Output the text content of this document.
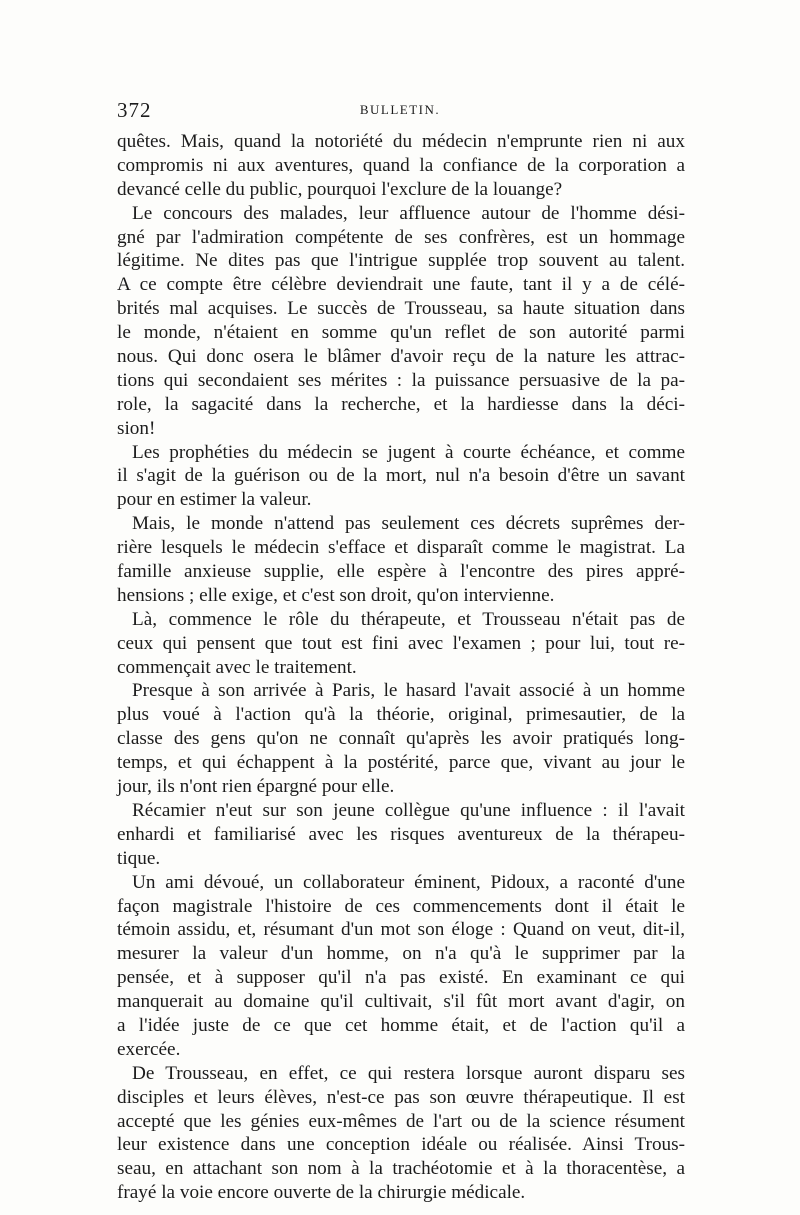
372	BULLETIN.
quêtes. Mais, quand la notoriété du médecin n'emprunte rien ni aux
compromis ni aux aventures, quand la confiance de la corporation a
devancé celle du public, pourquoi l'exclure de la louange?
Le concours des malades, leur affluence autour de l'homme dési-
gné par l'admiration compétente de ses confrères, est un hommage
légitime. Ne dites pas que l'intrigue supplée trop souvent au talent.
A ce compte être célèbre deviendrait une faute, tant il y a de célé-
brités mal acquises. Le succès de Trousseau, sa haute situation dans
le monde, n'étaient en somme qu'un reflet de son autorité parmi
nous. Qui donc osera le blâmer d'avoir reçu de la nature les attrac-
tions qui secondaient ses mérites : la puissance persuasive de la pa-
role, la sagacité dans la recherche, et la hardiesse dans la déci-
sion!
Les prophéties du médecin se jugent à courte échéance, et comme
il s'agit de la guérison ou de la mort, nul n'a besoin d'être un savant
pour en estimer la valeur.
Mais, le monde n'attend pas seulement ces décrets suprêmes der-
rière lesquels le médecin s'efface et disparaît comme le magistrat. La
famille anxieuse supplie, elle espère à l'encontre des pires appré-
hensions ; elle exige, et c'est son droit, qu'on intervienne.
Là, commence le rôle du thérapeute, et Trousseau n'était pas de
ceux qui pensent que tout est fini avec l'examen ; pour lui, tout re-
commençait avec le traitement.
Presque à son arrivée à Paris, le hasard l'avait associé à un homme
plus voué à l'action qu'à la théorie, original, primesautier, de la
classe des gens qu'on ne connaît qu'après les avoir pratiqués long-
temps, et qui échappent à la postérité, parce que, vivant au jour le
jour, ils n'ont rien épargné pour elle.
Récamier n'eut sur son jeune collègue qu'une influence : il l'avait
enhardi et familiarisé avec les risques aventureux de la thérapeu-
tique.
Un ami dévoué, un collaborateur éminent, Pidoux, a raconté d'une
façon magistrale l'histoire de ces commencements dont il était le
témoin assidu, et, résumant d'un mot son éloge : Quand on veut, dit-il,
mesurer la valeur d'un homme, on n'a qu'à le supprimer par la
pensée, et à supposer qu'il n'a pas existé. En examinant ce qui
manquerait au domaine qu'il cultivait, s'il fût mort avant d'agir, on
a l'idée juste de ce que cet homme était, et de l'action qu'il a
exercée.
De Trousseau, en effet, ce qui restera lorsque auront disparu ses
disciples et leurs élèves, n'est-ce pas son œuvre thérapeutique. Il est
accepté que les génies eux-mêmes de l'art ou de la science résument
leur existence dans une conception idéale ou réalisée. Ainsi Trous-
seau, en attachant son nom à la trachéotomie et à la thoracentèse, a
frayé la voie encore ouverte de la chirurgie médicale.
